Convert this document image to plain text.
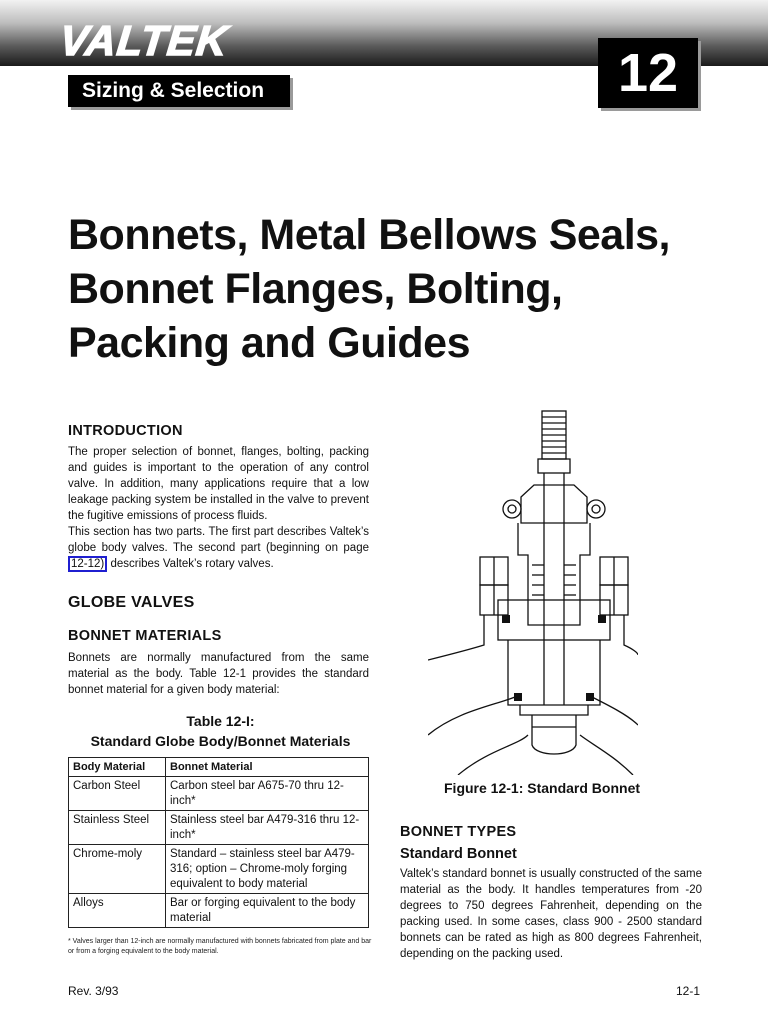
VALTEK
Sizing & Selection	12
Bonnets, Metal Bellows Seals,
Bonnet Flanges, Bolting,
Packing and Guides
INTRODUCTION

The proper selection of bonnet, flanges, bolting, packing and guides is important to the operation of any control valve. In addition, many applications require that a low leakage packing system be installed in the valve to prevent the fugitive emissions of process fluids.

This section has two parts. The first part describes Valtek’s globe body valves. The second part (beginning on page 12-12) describes Valtek’s rotary valves.

GLOBE VALVES
BONNET MATERIALS

Bonnets are normally manufactured from the same material as the body. Table 12-1 provides the standard bonnet material for a given body material:

Table 12-I:
Standard Globe Body/Bonnet Materials
Body Material	Bonnet Material
Carbon Steel	Carbon steel bar A675-70 thru 12-inch*
Stainless Steel	Stainless steel bar A479-316 thru 12-inch*
Chrome-moly	Standard – stainless steel bar A479-316; option – Chrome-moly forging equivalent to body material
Alloys	Bar or forging equivalent to the body material
* Valves larger than 12-inch are normally manufactured with bonnets fabricated from plate and bar or from a forging equivalent to the body material.
Figure 12-1: Standard Bonnet
BONNET TYPES
Standard Bonnet

Valtek’s standard bonnet is usually constructed of the same material as the body. It handles temperatures from -20 degrees to 750 degrees Fahrenheit, depending on the packing used. In some cases, class 900 - 2500 standard bonnets can be rated as high as 800 degrees Fahrenheit, depending on the packing used.

Rev. 3/93	12-1
